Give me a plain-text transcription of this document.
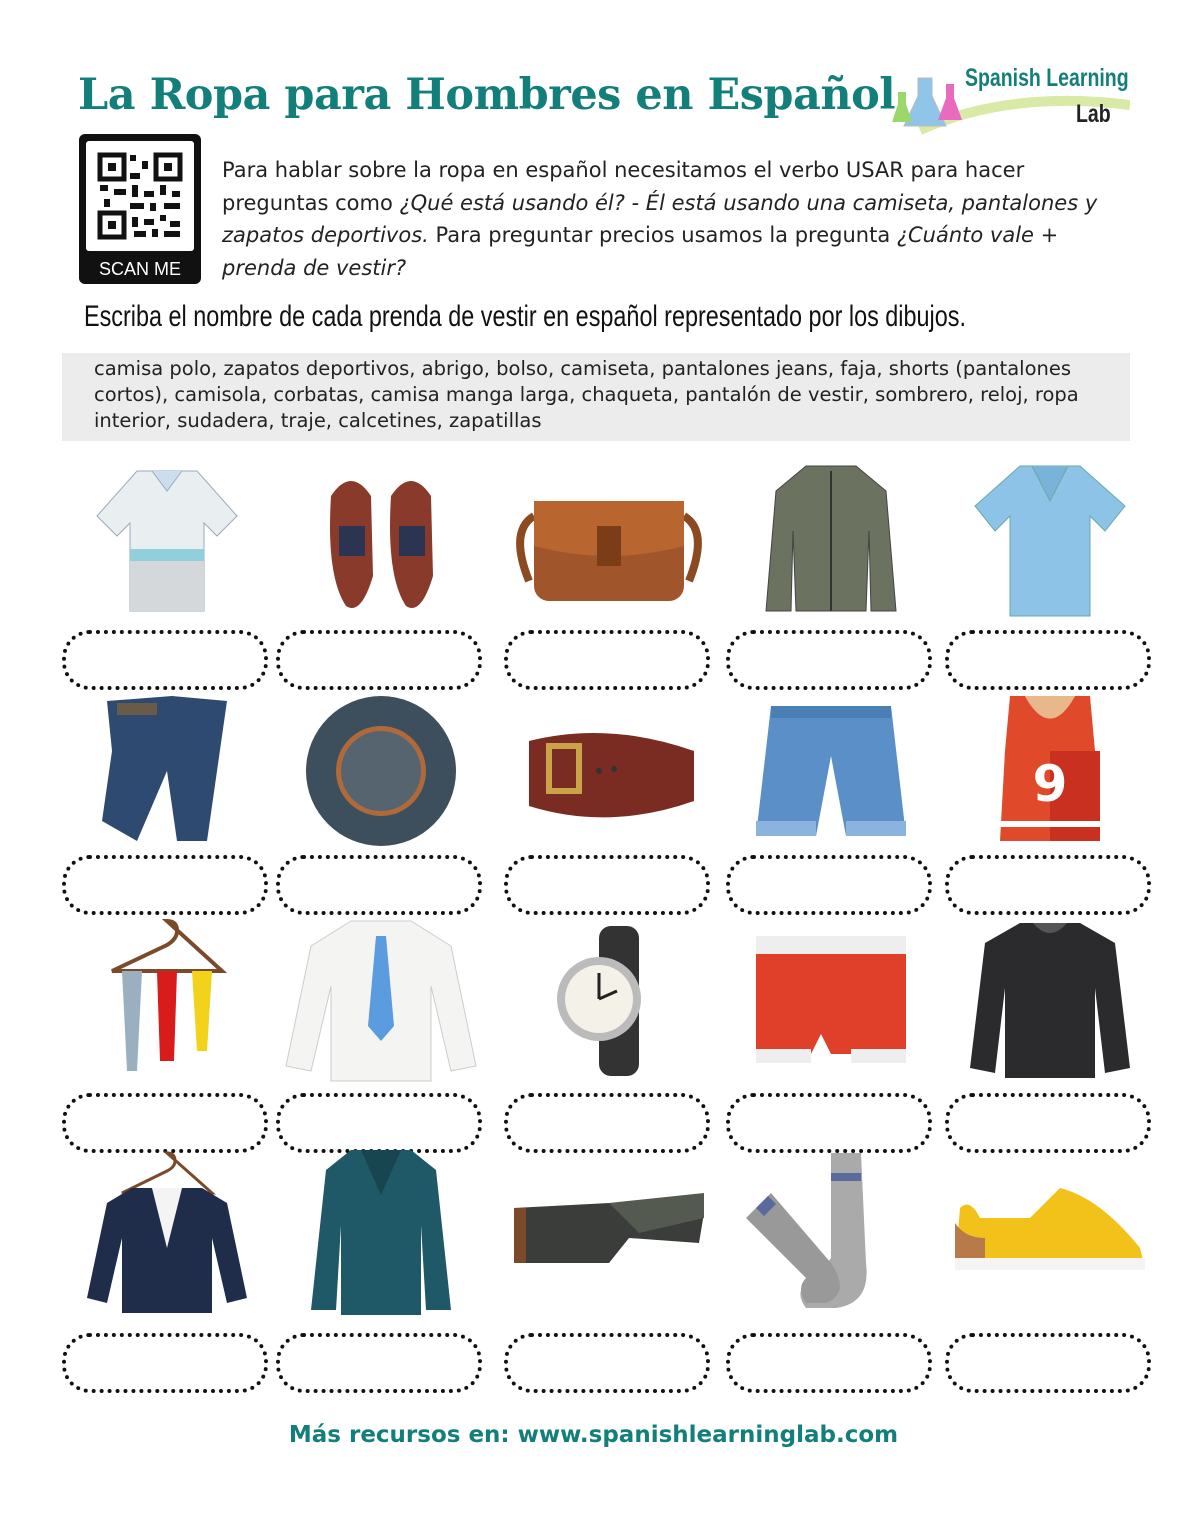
La Ropa para Hombres en Español	Spanish Learning
Lab
SCAN ME
Para hablar sobre la ropa en español necesitamos el verbo USAR para hacer preguntas como ¿Qué está usando él? - Él está usando una camiseta, pantalones y zapatos deportivos. Para preguntar precios usamos la pregunta ¿Cuánto vale + prenda de vestir?
Escriba el nombre de cada prenda de vestir en español representado por los dibujos.

camisa polo, zapatos deportivos, abrigo, bolso, camiseta, pantalones jeans, faja, shorts (pantalones cortos), camisola, corbatas, camisa manga larga, chaqueta, pantalón de vestir, sombrero, reloj, ropa interior, sudadera, traje, calcetines, zapatillas

9
Más recursos en: www.spanishlearninglab.com
